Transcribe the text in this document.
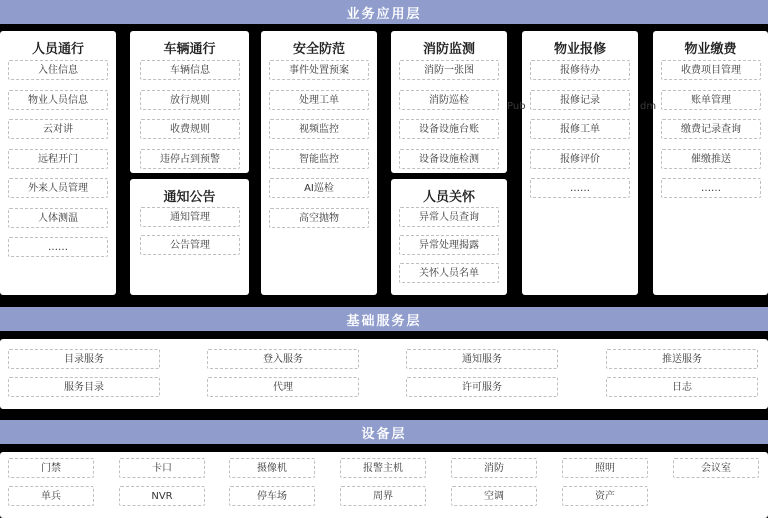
业务应用层
人员通行
入住信息
物业人员信息
云对讲
远程开门
外来人员管理
人体测温
……
车辆通行
车辆信息
放行规则
收费规则
违停占到预警
通知公告
通知管理
公告管理
安全防范
事件处置预案
处理工单
视频监控
智能监控
AI巡检
高空抛物
消防监测
消防一张图
消防巡检
设备设施台账
设备设施检测
人员关怀
异常人员查询
异常处理揭露
关怀人员名单
物业报修
报修待办
报修记录
报修工单
报修评价
……
物业缴费
收费项目管理
账单管理
缴费记录查询
催缴推送
……
Pub	dm
基础服务层
目录服务	登入服务	通知服务	推送服务
服务目录	代理	许可服务	日志
设备层
门禁	卡口	摄像机	报警主机	消防	照明	会议室
单兵	NVR	停车场	周界	空调	资产
